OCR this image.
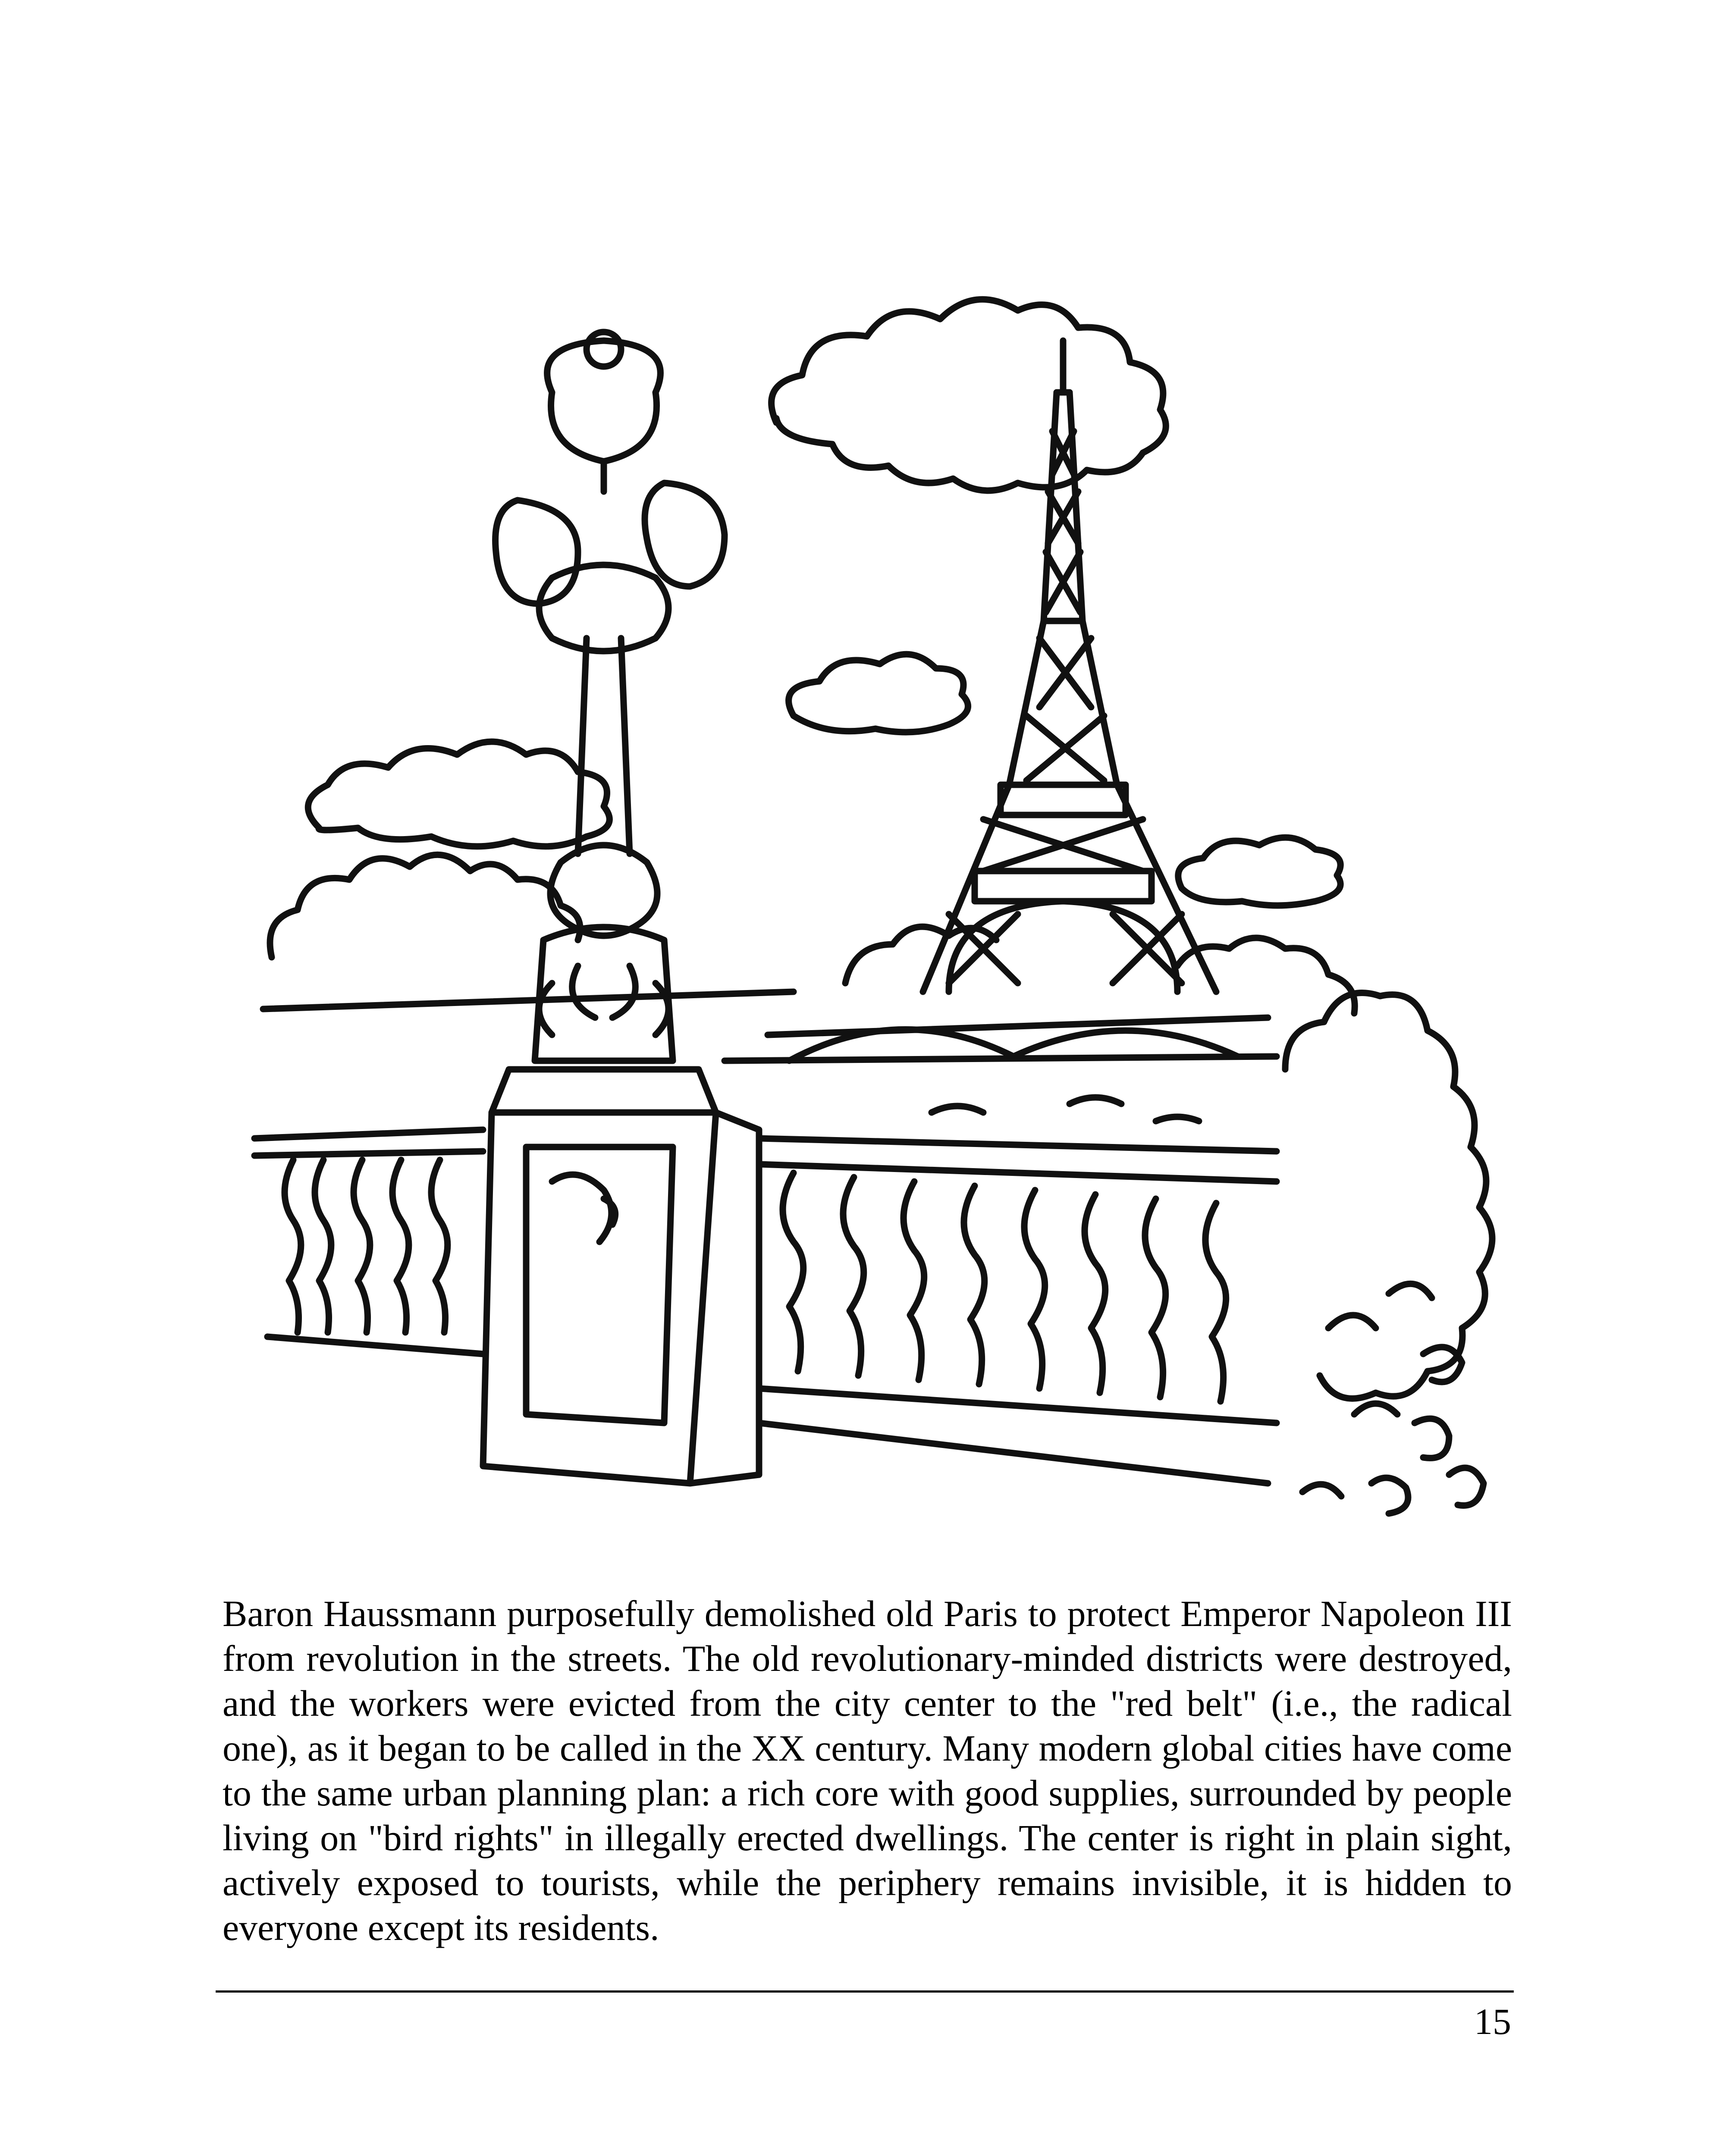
Baron Haussmann purposefully demolished old Paris to protect Emperor Napoleon III from revolution in the streets. The old revolutionary-minded districts were destroyed, and the workers were evicted from the city center to the "red belt" (i.e., the radical one), as it began to be called in the XX century. Many modern global cities have come to the same urban planning plan: a rich core with good supplies, surrounded by people living on "bird rights" in illegally erected dwellings. The center is right in plain sight, actively exposed to tourists, while the periphery remains invisible, it is hidden to everyone except its residents.

15
